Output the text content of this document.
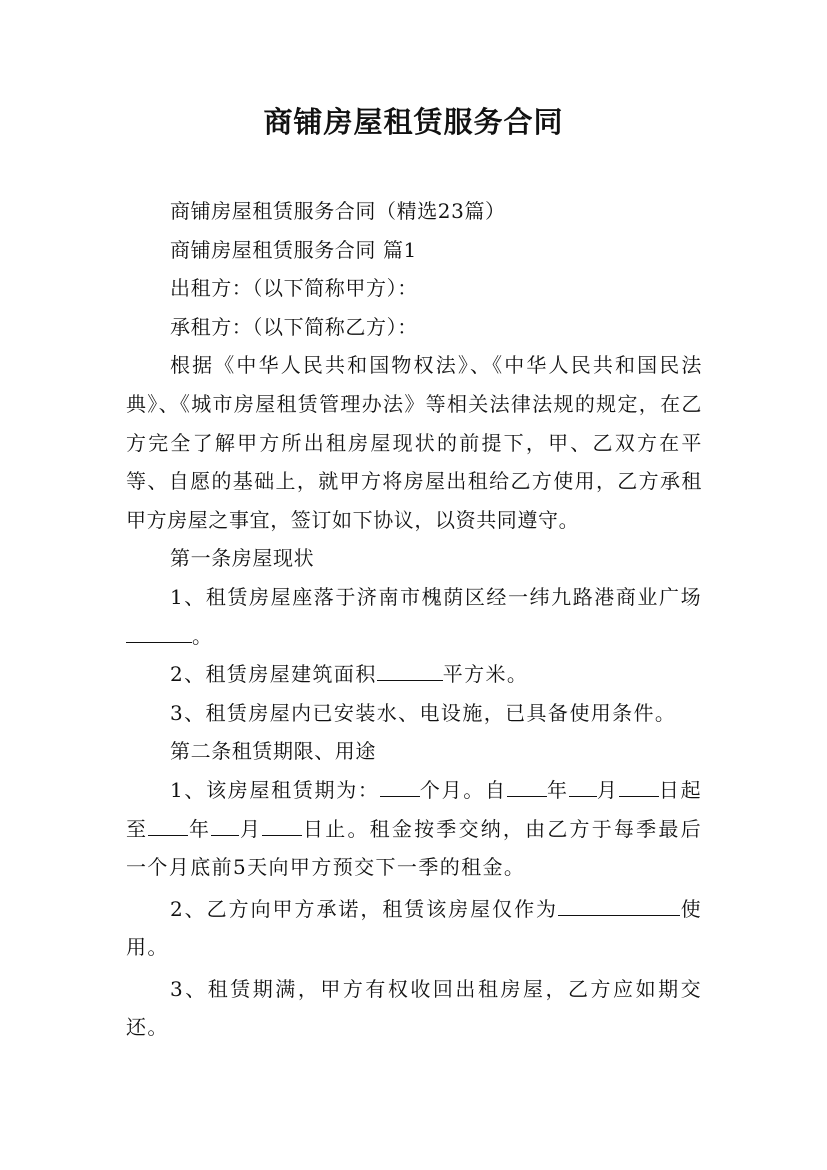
商铺房屋租赁服务合同

商铺房屋租赁服务合同（精选23篇）

商铺房屋租赁服务合同 篇1

出租方：（以下简称甲方）：

承租方：（以下简称乙方）：

根据《中华人民共和国物权法》、《中华人民共和国民法典》、《城市房屋租赁管理办法》等相关法律法规的规定，在乙方完全了解甲方所出租房屋现状的前提下，甲、乙双方在平等、自愿的基础上，就甲方将房屋出租给乙方使用，乙方承租甲方房屋之事宜，签订如下协议，以资共同遵守。

第一条房屋现状

1、租赁房屋座落于济南市槐荫区经一纬九路港商业广场。

2、租赁房屋建筑面积	平方米。

3、租赁房屋内已安装水、电设施，已具备使用条件。

第二条租赁期限、用途

1、该房屋租赁期为： 个月。自 年 月 日起至 年 月 日止。租金按季交纳，由乙方于每季最后一个月底前5天向甲方预交下一季的租金。

2、乙方向甲方承诺，租赁该房屋仅作为	使用。

3、租赁期满，甲方有权收回出租房屋，乙方应如期交还。
